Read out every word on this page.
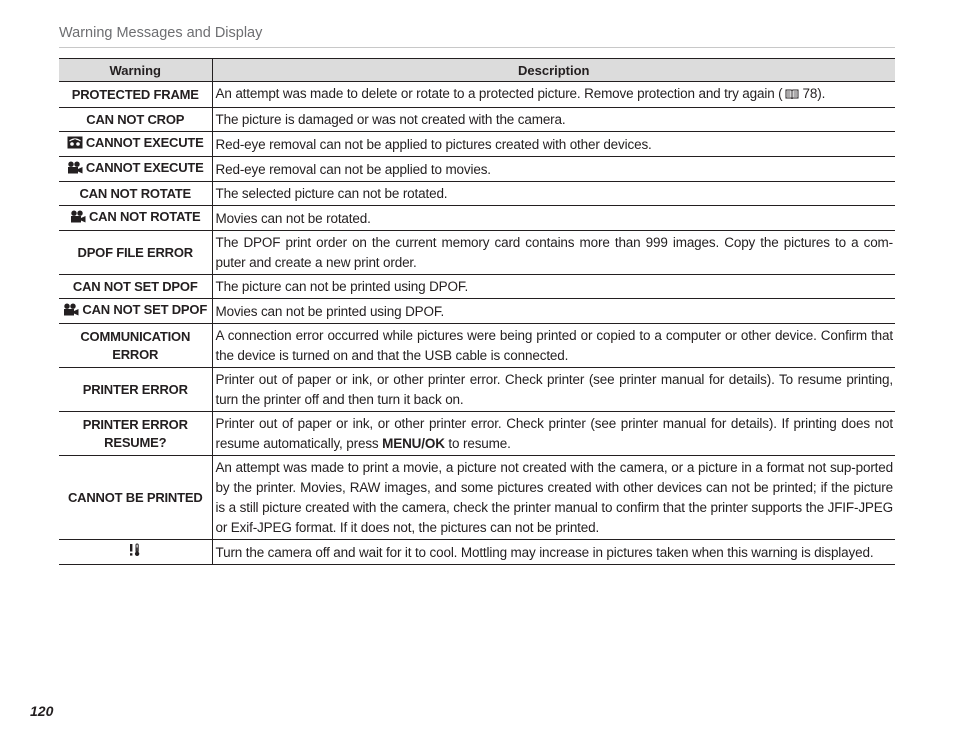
Warning Messages and Display
Warning	Description
PROTECTED FRAME	An attempt was made to delete or rotate to a protected picture. Remove protection and try again ( 78).
CAN NOT CROP	The picture is damaged or was not created with the camera.
CANNOT EXECUTE	Red-eye removal can not be applied to pictures created with other devices.
CANNOT EXECUTE	Red-eye removal can not be applied to movies.
CAN NOT ROTATE	The selected picture can not be rotated.
CAN NOT ROTATE	Movies can not be rotated.
DPOF FILE ERROR	The DPOF print order on the current memory card contains more than 999 images. Copy the pictures to a com-puter and create a new print order.
CAN NOT SET DPOF	The picture can not be printed using DPOF.
CAN NOT SET DPOF	Movies can not be printed using DPOF.
COMMUNICATION ERROR	A connection error occurred while pictures were being printed or copied to a computer or other device. Confirm that the device is turned on and that the USB cable is connected.
PRINTER ERROR	Printer out of paper or ink, or other printer error. Check printer (see printer manual for details). To resume printing, turn the printer off and then turn it back on.
PRINTER ERROR RESUME?	Printer out of paper or ink, or other printer error. Check printer (see printer manual for details). If printing does not resume automatically, press MENU/OK to resume.
CANNOT BE PRINTED	An attempt was made to print a movie, a picture not created with the camera, or a picture in a format not sup-ported by the printer. Movies, RAW images, and some pictures created with other devices can not be printed; if the picture is a still picture created with the camera, check the printer manual to confirm that the printer supports the JFIF-JPEG or Exif-JPEG format. If it does not, the pictures can not be printed.
	Turn the camera off and wait for it to cool. Mottling may increase in pictures taken when this warning is displayed.
120
